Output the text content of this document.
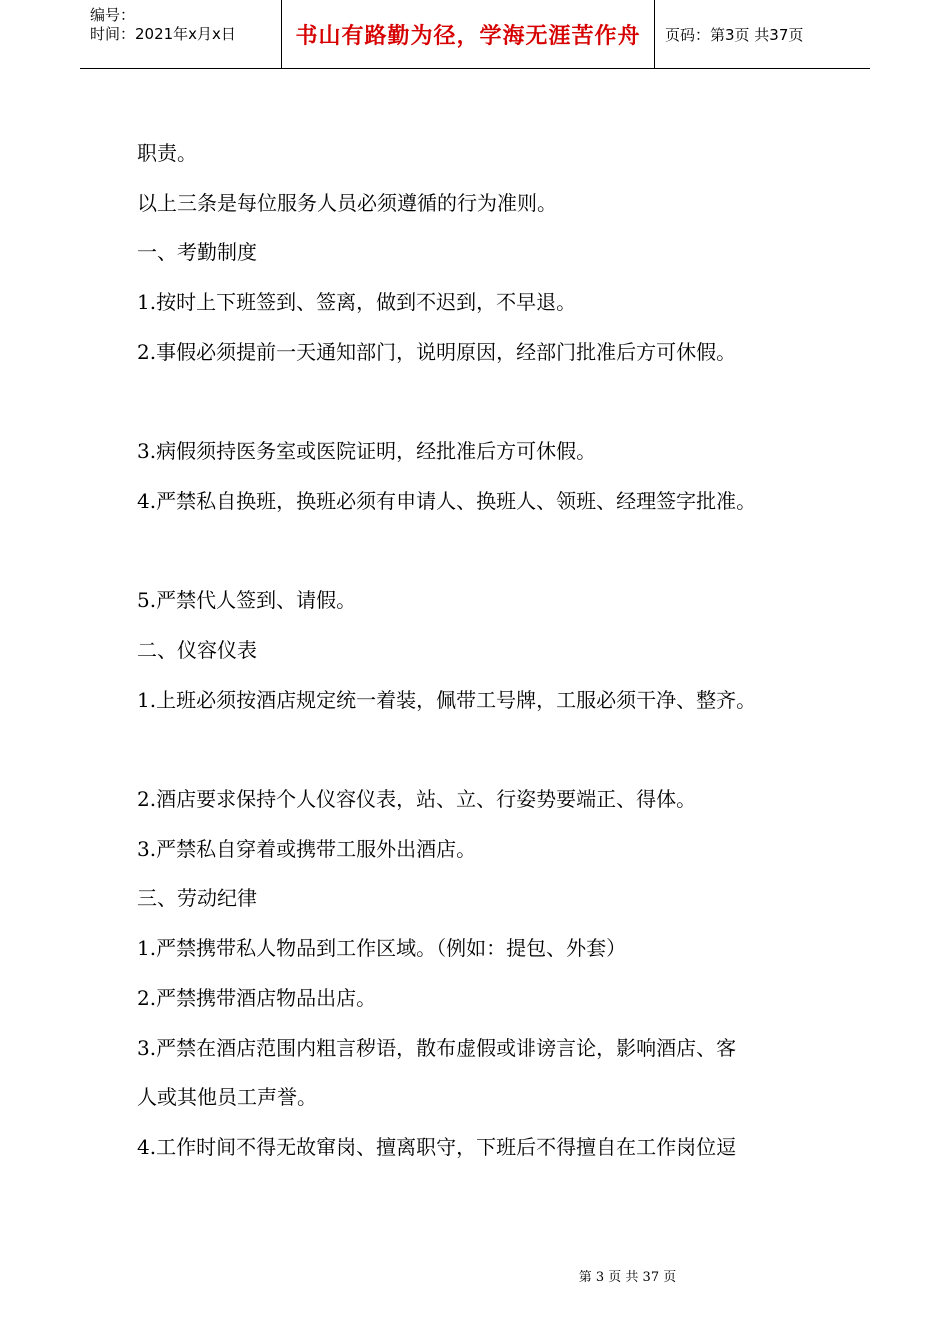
编号：
时间：2021年x月x日	书山有路勤为径，学海无涯苦作舟	页码：第3页 共37页
职责。
以上三条是每位服务人员必须遵循的行为准则。
一、考勤制度
1.按时上下班签到、签离，做到不迟到，不早退。
2.事假必须提前一天通知部门，说明原因，经部门批准后方可休假。
3.病假须持医务室或医院证明，经批准后方可休假。
4.严禁私自换班，换班必须有申请人、换班人、领班、经理签字批准。
5.严禁代人签到、请假。
二、仪容仪表
1.上班必须按酒店规定统一着装，佩带工号牌，工服必须干净、整齐。
2.酒店要求保持个人仪容仪表，站、立、行姿势要端正、得体。
3.严禁私自穿着或携带工服外出酒店。
三、劳动纪律
1.严禁携带私人物品到工作区域。（例如：提包、外套）
2.严禁携带酒店物品出店。
3.严禁在酒店范围内粗言秽语，散布虚假或诽谤言论，影响酒店、客
人或其他员工声誉。
4.工作时间不得无故窜岗、擅离职守，下班后不得擅自在工作岗位逗
第 3 页 共 37 页
